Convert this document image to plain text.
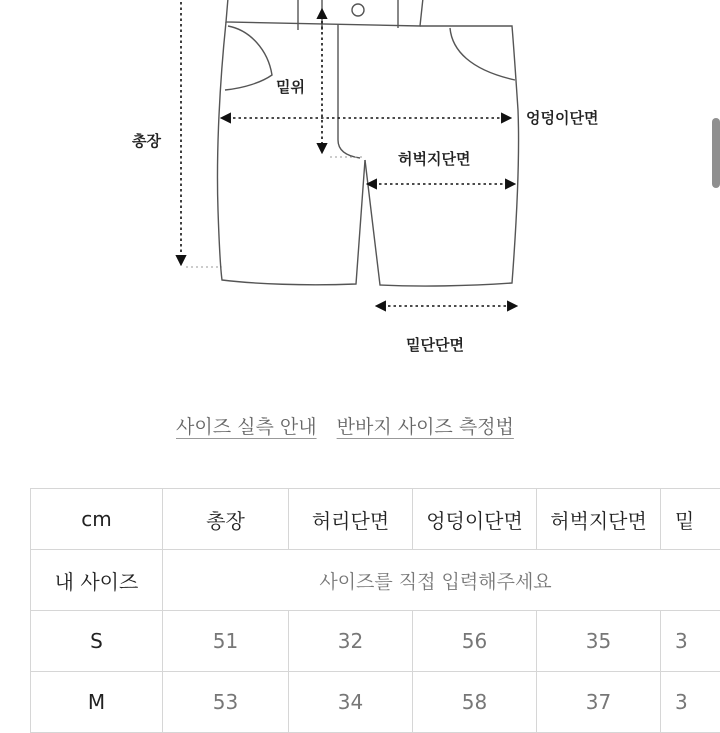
밑위
총장
엉덩이단면
허벅지단면
밑단단면
사이즈 실측 안내 반바지 사이즈 측정법
cm	총장	허리단면	엉덩이단면	허벅지단면	밑
내 사이즈	사이즈를 직접 입력해주세요				
S	51	32	56	35	3
M	53	34	58	37	3
